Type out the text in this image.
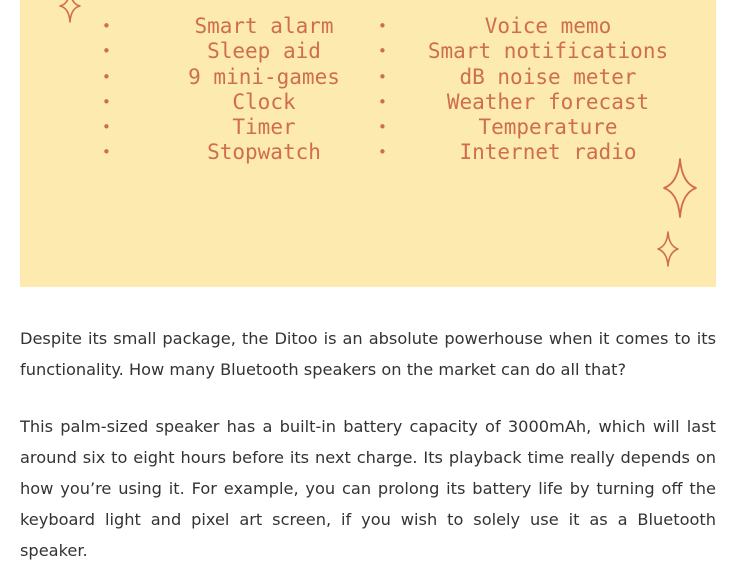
•	Smart alarm
•	Sleep aid
•	9 mini-games
•	Clock
•	Timer
•	Stopwatch
•	Voice memo
•	Smart notifications
•	dB noise meter
•	Weather forecast
•	Temperature
•	Internet radio

Despite its small package, the Ditoo is an absolute powerhouse when it comes to its functionality. How many Bluetooth speakers on the market can do all that?

This palm-sized speaker has a built-in battery capacity of 3000mAh, which will last around six to eight hours before its next charge. Its playback time really depends on how you’re using it. For example, you can prolong its battery life by turning off the keyboard light and pixel art screen, if you wish to solely use it as a Bluetooth speaker.
